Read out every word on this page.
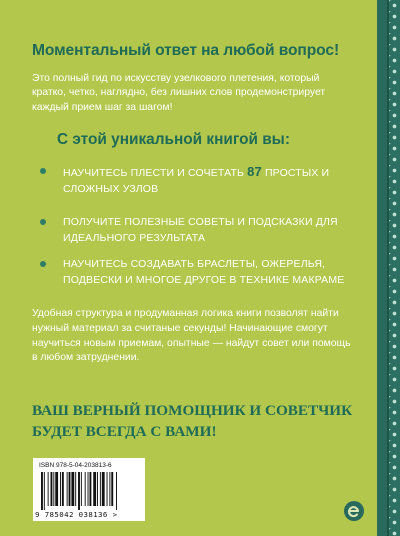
Моментальный ответ на любой вопрос!
Это полный гид по искусству узелкового плетения, который кратко, четко, наглядно, без лишних слов продемонстрирует каждый прием шаг за шагом!
С этой уникальной книгой вы:
НАУЧИТЕСЬ ПЛЕСТИ И СОЧЕТАТЬ 87 ПРОСТЫХ И СЛОЖНЫХ УЗЛОВ
ПОЛУЧИТЕ ПОЛЕЗНЫЕ СОВЕТЫ И ПОДСКАЗКИ ДЛЯ ИДЕАЛЬНОГО РЕЗУЛЬТАТА
НАУЧИТЕСЬ СОЗДАВАТЬ БРАСЛЕТЫ, ОЖЕРЕЛЬЯ, ПОДВЕСКИ И МНОГОЕ ДРУГОЕ В ТЕХНИКЕ МАКРАМЕ
Удобная структура и продуманная логика книги позволят найти нужный материал за считаные секунды! Начинающие смогут научиться новым приемам, опытные — найдут совет или помощь в любом затруднении.
ВАШ ВЕРНЫЙ ПОМОЩНИК И СОВЕТЧИК
БУДЕТ ВСЕГДА С ВАМИ!
ISBN 978-5-04-203813-6
9 785042 038136 >
